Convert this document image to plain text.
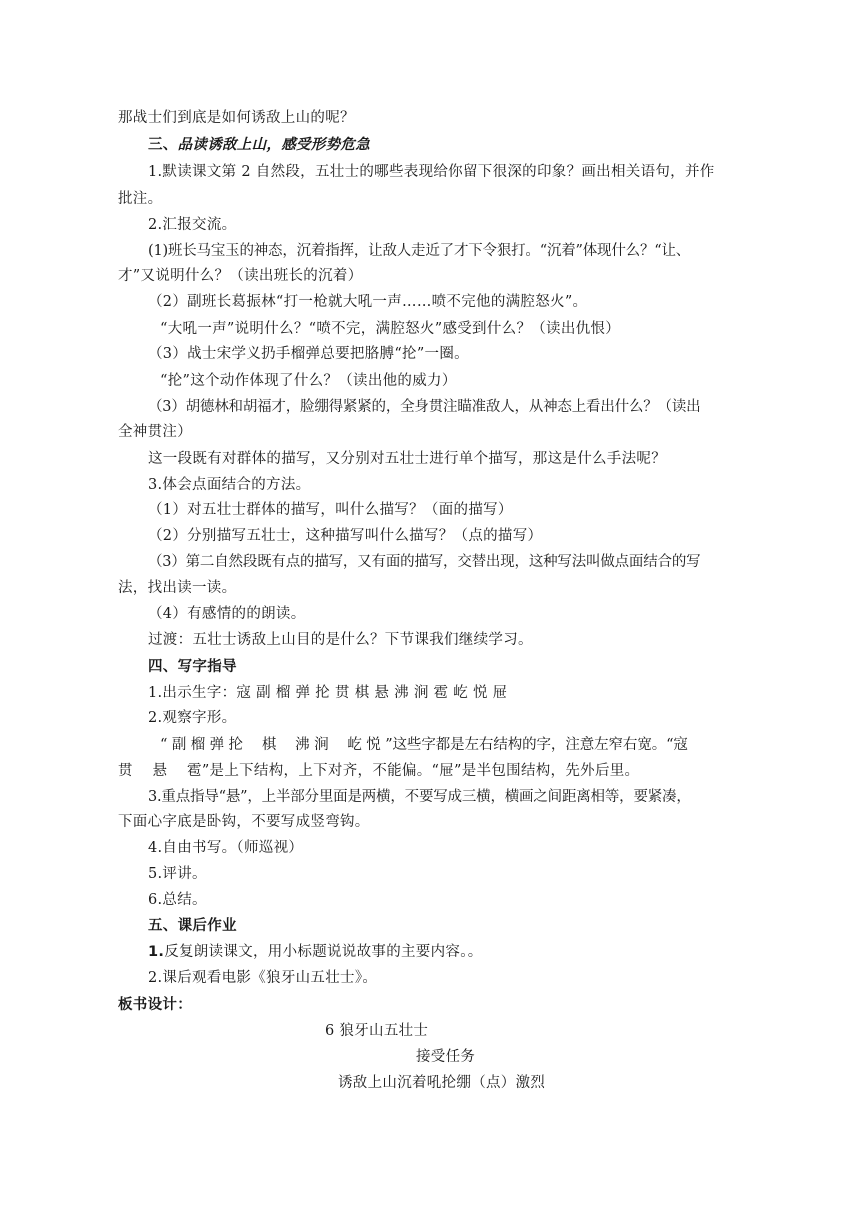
那战士们到底是如何诱敌上山的呢？
三、品读诱敌上山，感受形势危急
1.默读课文第 2 自然段，五壮士的哪些表现给你留下很深的印象？画出相关语句，并作
批注。
2.汇报交流。
(1)班长马宝玉的神态，沉着指挥，让敌人走近了才下令狠打。“沉着”体现什么？“让、
才”又说明什么？（读出班长的沉着）
（2）副班长葛振林“打一枪就大吼一声……喷不完他的满腔怒火”。
“大吼一声”说明什么？“喷不完，满腔怒火”感受到什么？（读出仇恨）
（3）战士宋学义扔手榴弹总要把胳膊“抡”一圈。
“抡”这个动作体现了什么？（读出他的威力）
（3）胡德林和胡福才，脸绷得紧紧的，全身贯注瞄准敌人，从神态上看出什么？（读出
全神贯注）
这一段既有对群体的描写，又分别对五壮士进行单个描写，那这是什么手法呢？
3.体会点面结合的方法。
（1）对五壮士群体的描写，叫什么描写？（面的描写）
（2）分别描写五壮士，这种描写叫什么描写？（点的描写）
（3）第二自然段既有点的描写，又有面的描写，交替出现，这种写法叫做点面结合的写
法，找出读一读。
（4）有感情的的朗读。
过渡：五壮士诱敌上山目的是什么？下节课我们继续学习。
四、写字指导
1.出示生字：寇 副 榴 弹 抡 贯 棋 悬 沸 涧 雹 屹 悦 屉
2.观察字形。
“ 副 榴 弹 抡 　棋 　沸 涧 　屹 悦 ”这些字都是左右结构的字，注意左窄右宽。“寇
贯 　悬 　雹”是上下结构，上下对齐，不能偏。“屉”是半包围结构，先外后里。
3.重点指导“悬”，上半部分里面是两横，不要写成三横，横画之间距离相等，要紧凑，
下面心字底是卧钩，不要写成竖弯钩。
4.自由书写。（师巡视）
5.评讲。
6.总结。
五、课后作业
1.反复朗读课文，用小标题说说故事的主要内容。。
2.课后观看电影《狼牙山五壮士》。
板书设计：
6 狼牙山五壮士
接受任务
诱敌上山沉着吼抡绷（点）激烈
